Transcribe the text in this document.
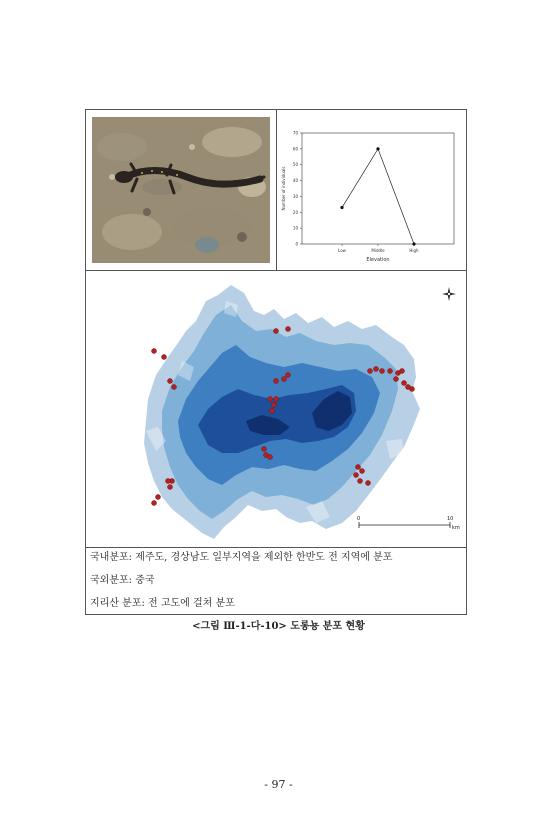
0
10
20
30
40
50
60
70
Low	Middle	High
Elevation
Number of individuals
0	10
km
국내분포: 제주도, 경상남도 일부지역을 제외한 한반도 전 지역에 분포
국외분포: 중국
지리산 분포: 전 고도에 걸쳐 분포
<그림 Ⅲ-1-다-10> 도롱뇽 분포 현황
- 97 -
